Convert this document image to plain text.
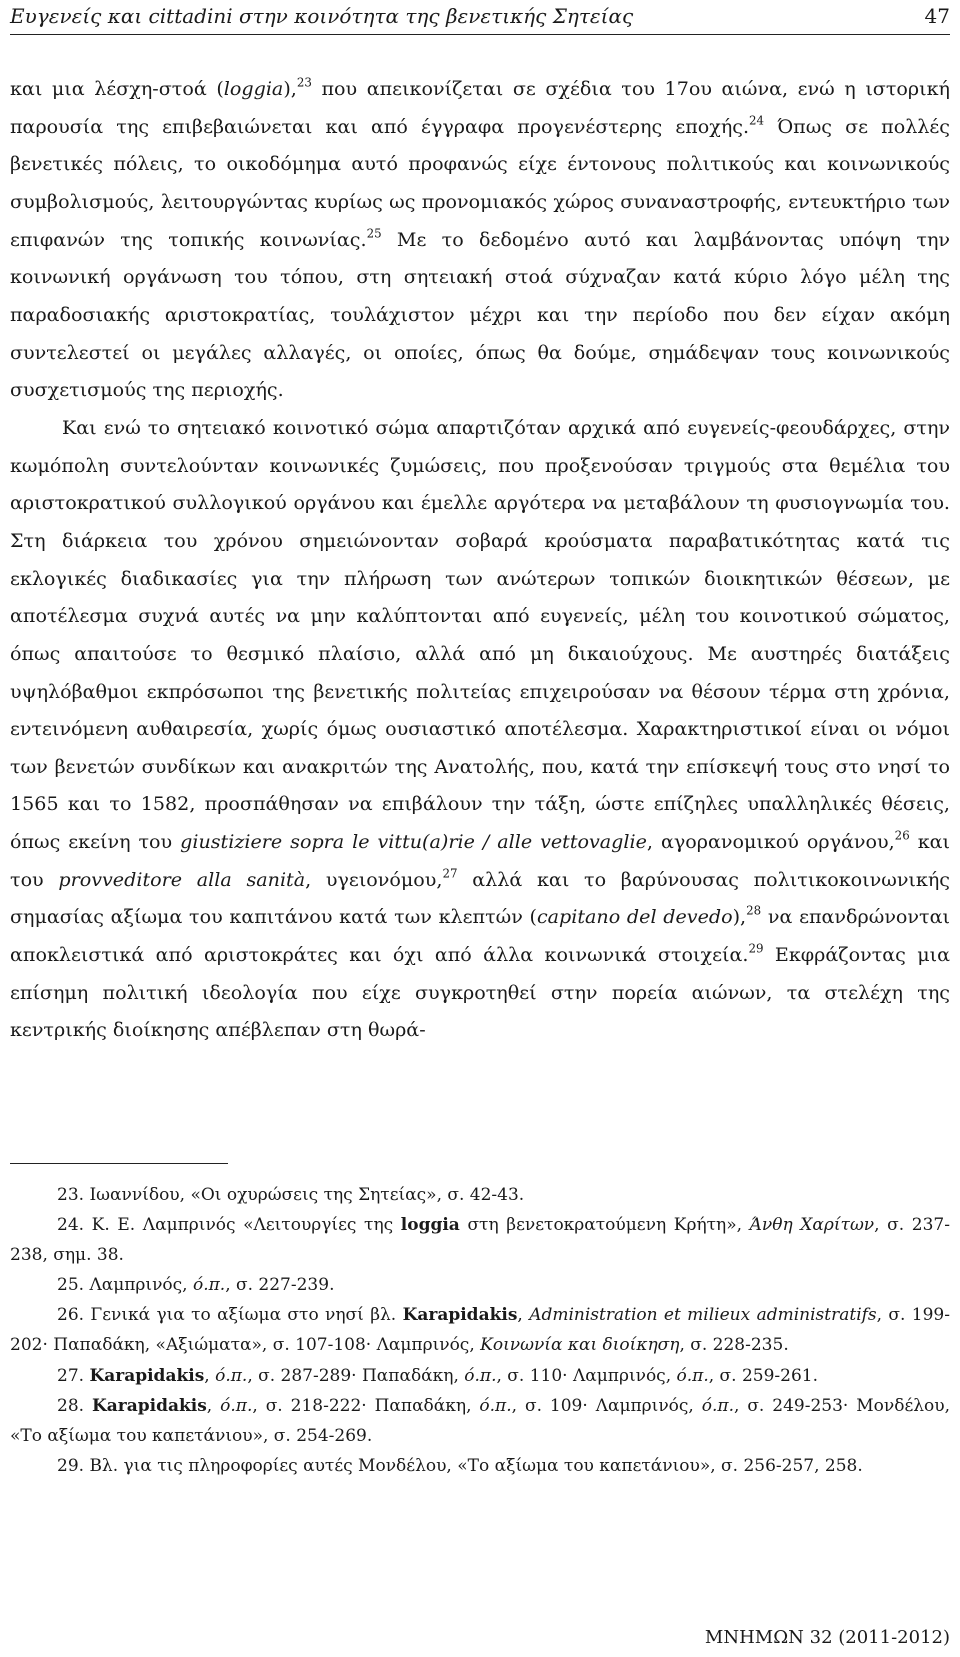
Ευγενείς και cittadini στην κοινότητα της βενετικής Σητείας	47

και μια λέσχη-στοά (loggia),$^{23}$ που απεικονίζεται σε σχέδια του 17ου αιώνα, ενώ η ιστορική παρουσία της επιβεβαιώνεται και από έγγραφα προγενέστερης εποχής.$^{24}$ Όπως σε πολλές βενετικές πόλεις, το οικοδόμημα αυτό προφανώς είχε έντονους πολιτικούς και κοινωνικούς συμβολισμούς, λειτουργώντας κυρίως ως προνομιακός χώρος συναναστροφής, εντευκτήριο των επιφανών της τοπικής κοινωνίας.$^{25}$ Με το δεδομένο αυτό και λαμβάνοντας υπόψη την κοινωνική οργάνωση του τόπου, στη σητειακή στοά σύχναζαν κατά κύριο λόγο μέλη της παραδοσιακής αριστοκρατίας, τουλάχιστον μέχρι και την περίοδο που δεν είχαν ακόμη συντελεστεί οι μεγάλες αλλαγές, οι οποίες, όπως θα δούμε, σημάδεψαν τους κοινωνικούς συσχετισμούς της περιοχής.

Και ενώ το σητειακό κοινοτικό σώμα απαρτιζόταν αρχικά από ευγενείς-φεουδάρχες, στην κωμόπολη συντελούνταν κοινωνικές ζυμώσεις, που προξενούσαν τριγμούς στα θεμέλια του αριστοκρατικού συλλογικού οργάνου και έμελλε αργότερα να μεταβάλουν τη φυσιογνωμία του. Στη διάρκεια του χρόνου σημειώνονταν σοβαρά κρούσματα παραβατικότητας κατά τις εκλογικές διαδικασίες για την πλήρωση των ανώτερων τοπικών διοικητικών θέσεων, με αποτέλεσμα συχνά αυτές να μην καλύπτονται από ευγενείς, μέλη του κοινοτικού σώματος, όπως απαιτούσε το θεσμικό πλαίσιο, αλλά από μη δικαιούχους. Με αυστηρές διατάξεις υψηλόβαθμοι εκπρόσωποι της βενετικής πολιτείας επιχειρούσαν να θέσουν τέρμα στη χρόνια, εντεινόμενη αυθαιρεσία, χωρίς όμως ουσιαστικό αποτέλεσμα. Χαρακτηριστικοί είναι οι νόμοι των βενετών συνδίκων και ανακριτών της Ανατολής, που, κατά την επίσκεψή τους στο νησί το 1565 και το 1582, προσπάθησαν να επιβάλουν την τάξη, ώστε επίζηλες υπαλληλικές θέσεις, όπως εκείνη του giustiziere sopra le vittu(a)rie / alle vettovaglie, αγορανομικού οργάνου,$^{26}$ και του provveditore alla sanità, υγειονόμου,$^{27}$ αλλά και το βαρύνουσας πολιτικοκοινωνικής σημασίας αξίωμα του καπιτάνου κατά των κλεπτών (capitano del devedo),$^{28}$ να επανδρώνονται αποκλειστικά από αριστοκράτες και όχι από άλλα κοινωνικά στοιχεία.$^{29}$ Εκφράζοντας μια επίσημη πολιτική ιδεολογία που είχε συγκροτηθεί στην πορεία αιώνων, τα στελέχη της κεντρικής διοίκησης απέβλεπαν στη θωρά-

23. Ιωαννίδου, «Οι οχυρώσεις της Σητείας», σ. 42-43.

24. Κ. Ε. Λαμπρινός «Λειτουργίες της loggia στη βενετοκρατούμενη Κρήτη», Άνθη Χαρίτων, σ. 237-238, σημ. 38.

25. Λαμπρινός, ό.π., σ. 227-239.

26. Γενικά για το αξίωμα στο νησί βλ. Karapidakis, Administration et milieux administratifs, σ. 199-202· Παπαδάκη, «Αξιώματα», σ. 107-108· Λαμπρινός, Κοινωνία και διοίκηση, σ. 228-235.

27. Karapidakis, ό.π., σ. 287-289· Παπαδάκη, ό.π., σ. 110· Λαμπρινός, ό.π., σ. 259-261.

28. Karapidakis, ό.π., σ. 218-222· Παπαδάκη, ό.π., σ. 109· Λαμπρινός, ό.π., σ. 249-253· Μονδέλου, «Το αξίωμα του καπετάνιου», σ. 254-269.

29. Βλ. για τις πληροφορίες αυτές Μονδέλου, «Το αξίωμα του καπετάνιου», σ. 256-257, 258.

ΜΝΗΜΩΝ 32 (2011-2012)
